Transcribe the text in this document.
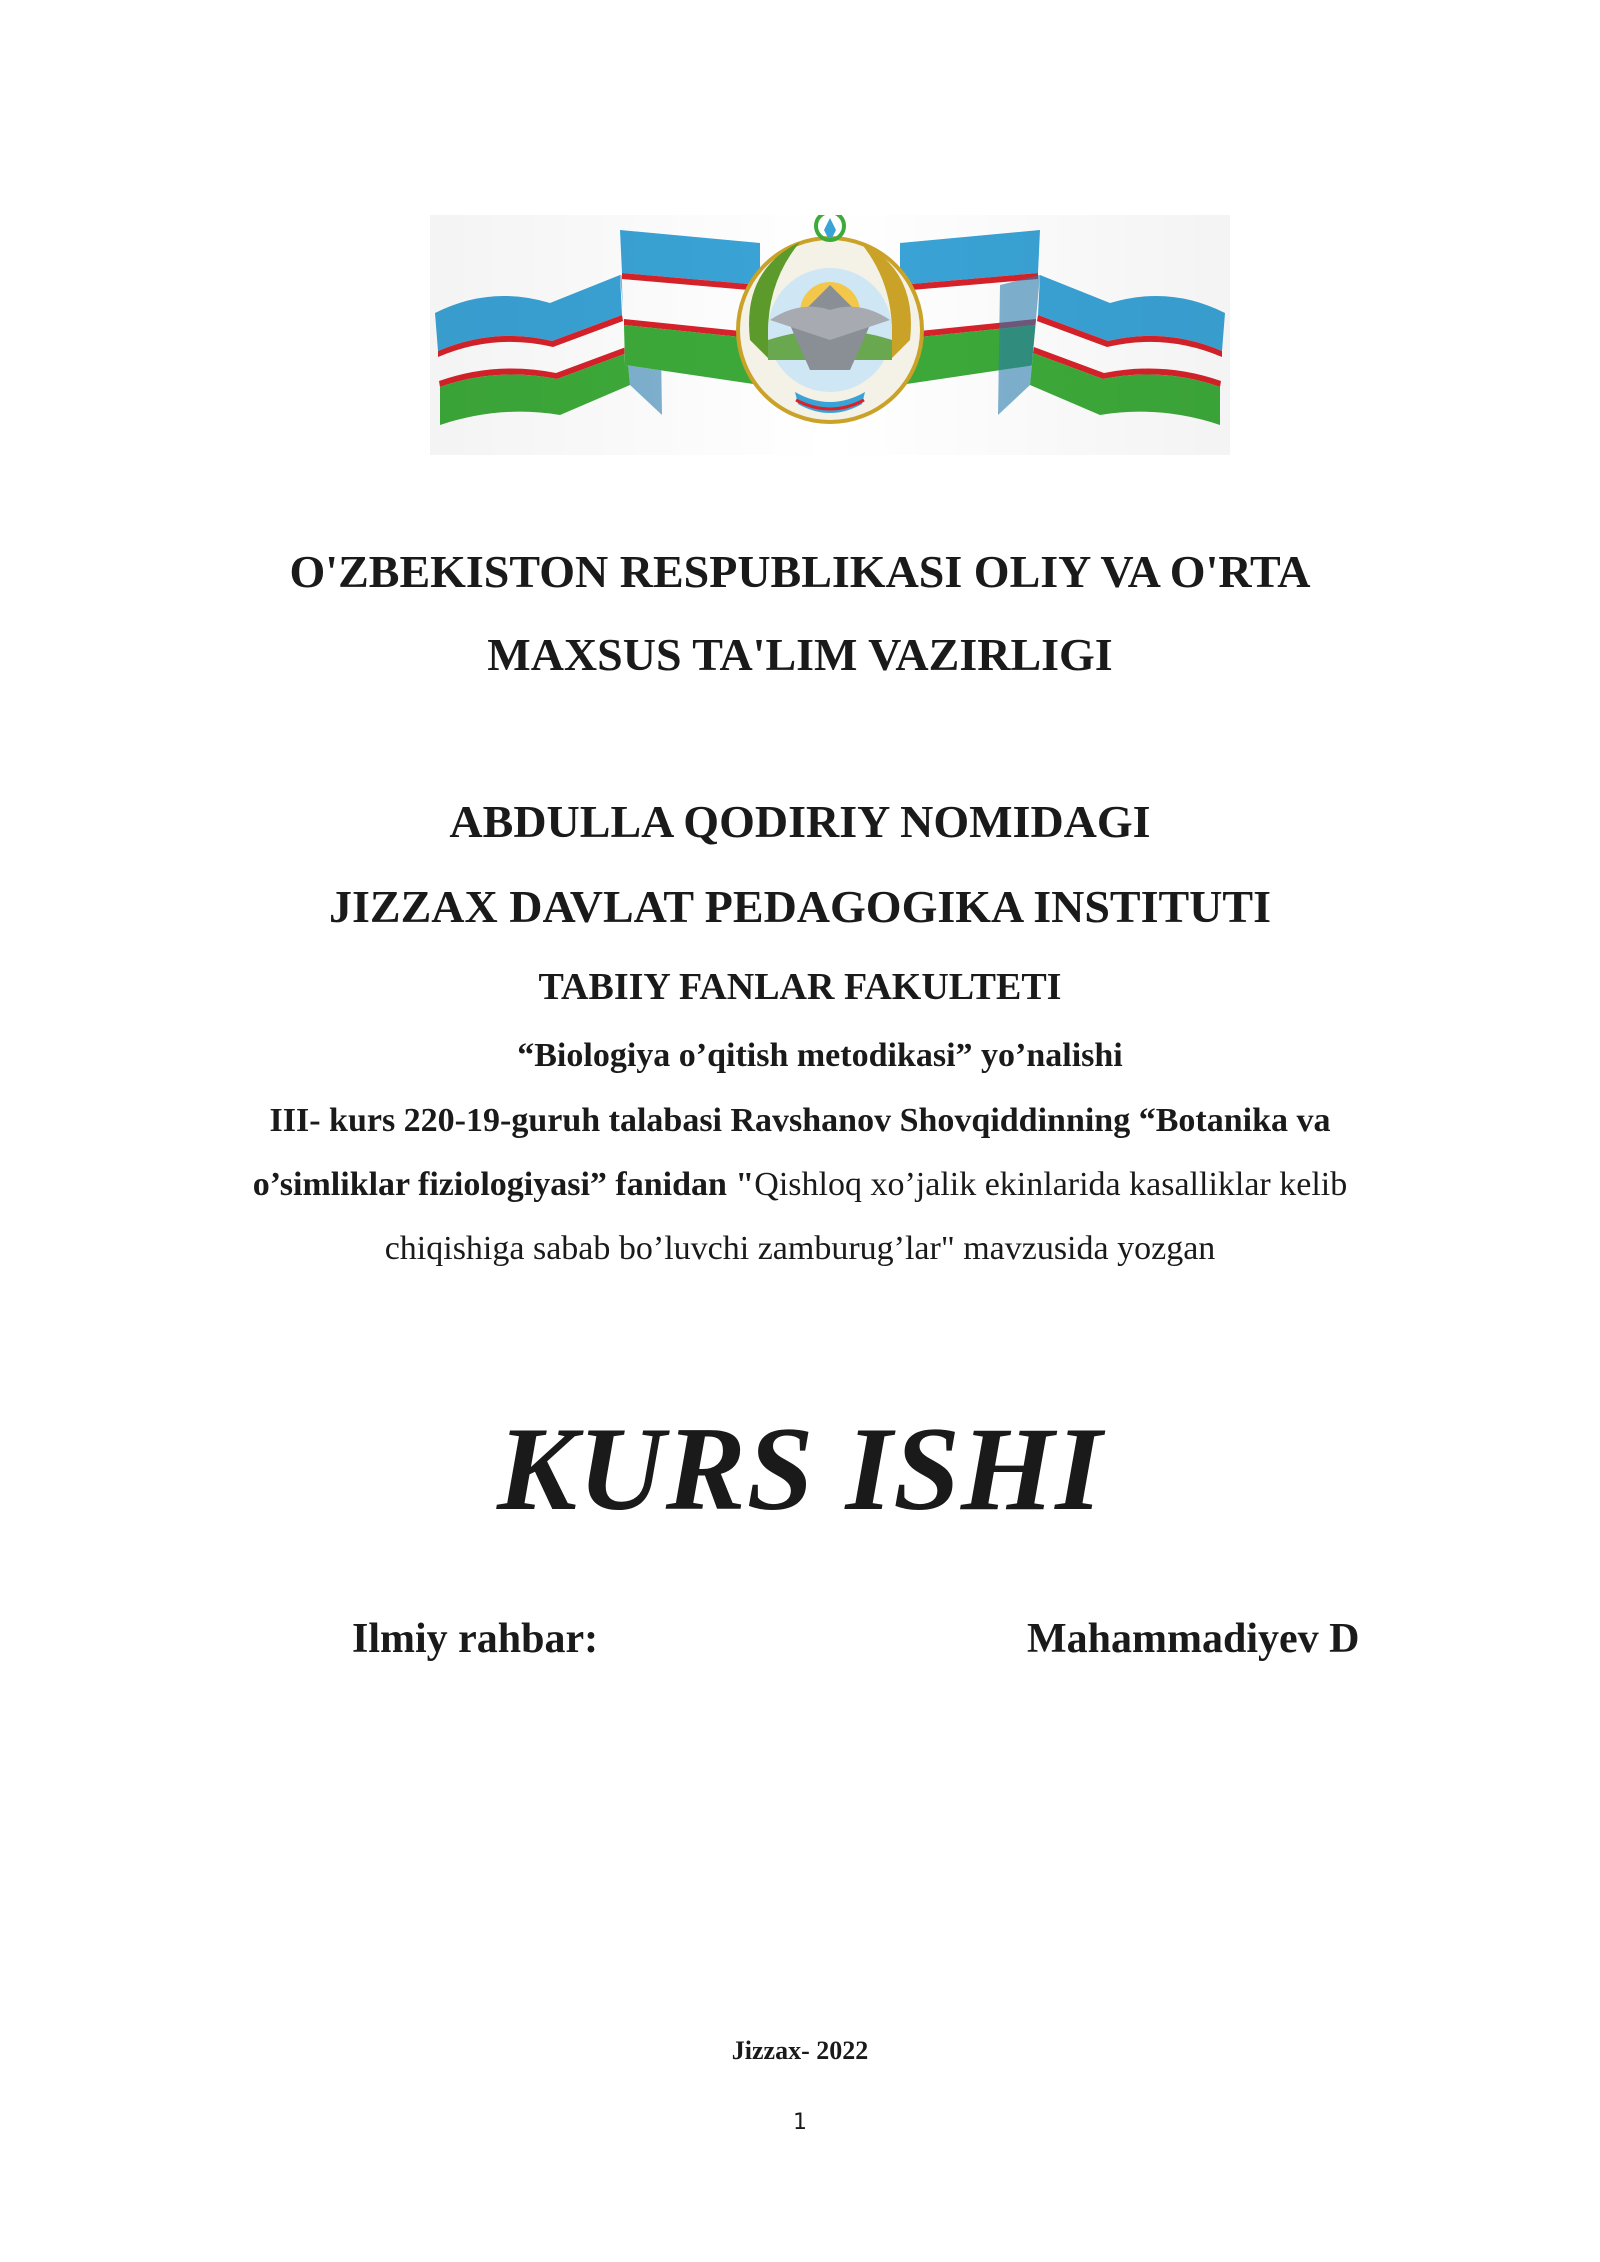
O'ZBEKISTON RESPUBLIKASI OLIY VA O'RTA
MAXSUS TA'LIM VAZIRLIGI
ABDULLA QODIRIY NOMIDAGI
JIZZAX DAVLAT PEDAGOGIKA INSTITUTI
TABIIY FANLAR FAKULTETI
“Biologiya o’qitish metodikasi” yo’nalishi
III- kurs 220-19-guruh talabasi Ravshanov Shovqiddinning “Botanika va
o’simliklar fiziologiyasi” fanidan "Qishloq xo’jalik ekinlarida kasalliklar kelib
chiqishiga sabab bo’luvchi zamburug’lar" mavzusida yozgan
KURS ISHI
Ilmiy rahbar:	Mahammadiyev D
Jizzax- 2022
1
